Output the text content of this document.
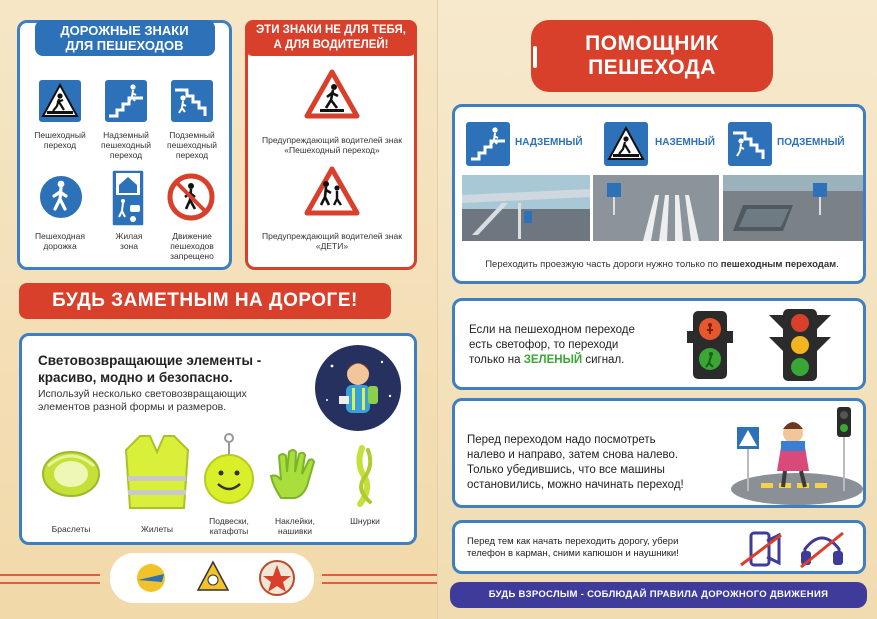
ДОРОЖНЫЕ ЗНАКИ
ДЛЯ ПЕШЕХОДОВ
Пешеходный переход
Надземный пешеходный переход
Подземный пешеходный переход
Пешеходная дорожка
Жилая зона
Движение пешеходов запрещено
ЭТИ ЗНАКИ НЕ ДЛЯ ТЕБЯ,
А ДЛЯ ВОДИТЕЛЕЙ!
Предупреждающий водителей знак «Пешеходный переход»
Предупреждающий водителей знак «ДЕТИ»
БУДЬ ЗАМЕТНЫМ НА ДОРОГЕ!
Световозвращающие элементы - красиво, модно и безопасно.
Используй несколько световозвращающих элементов разной формы и размеров.
Браслеты	Жилеты
Подвески, катафоты
Наклейки, нашивки
Шнурки
ПОМОЩНИК
ПЕШЕХОДА
НАДЗЕМНЫЙ	НАЗЕМНЫЙ	ПОДЗЕМНЫЙ
Переходить проезжую часть дороги нужно только по пешеходным переходам.
Если на пешеходном переходе
есть светофор, то переходи
только на ЗЕЛЕНЫЙ сигнал.
Перед переходом надо посмотреть
налево и направо, затем снова налево.
Только убедившись, что все машины
остановились, можно начинать переход!
Перед тем как начать переходить дорогу, убери
телефон в карман, сними капюшон и наушники!
БУДЬ ВЗРОСЛЫМ - СОБЛЮДАЙ ПРАВИЛА ДОРОЖНОГО ДВИЖЕНИЯ
